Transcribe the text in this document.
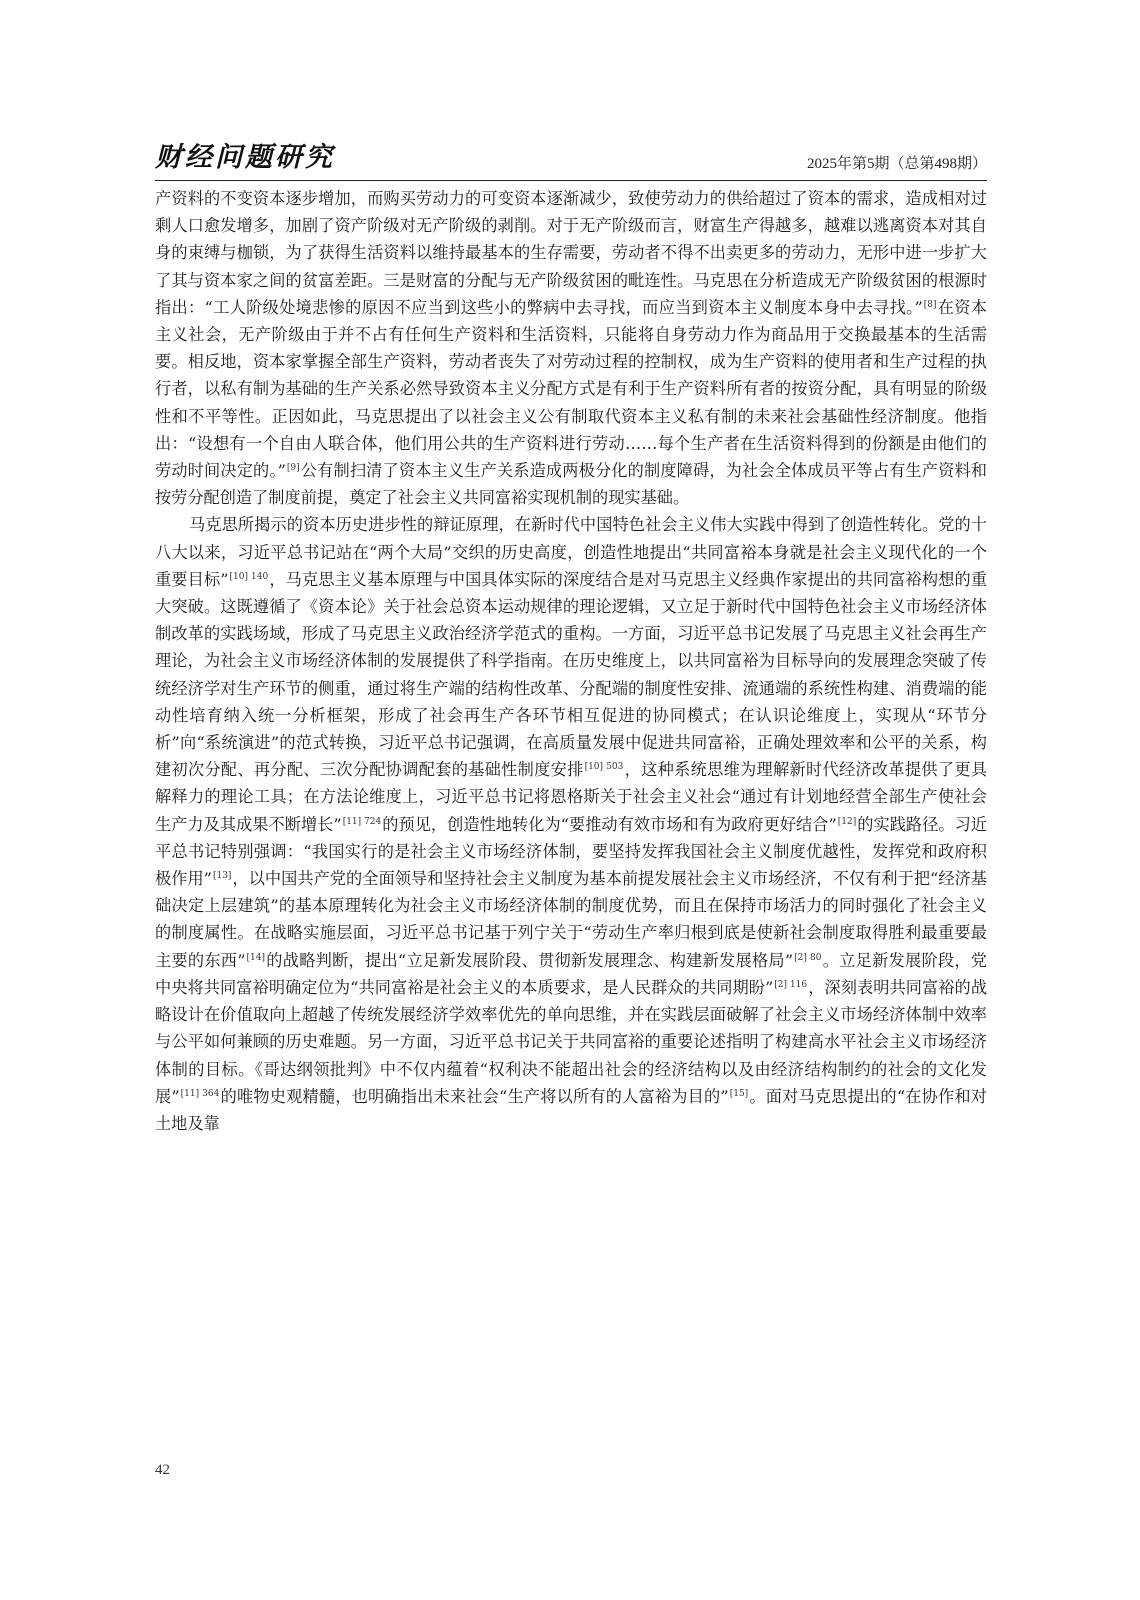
财经问题研究	2025年第5期（总第498期）

产资料的不变资本逐步增加，而购买劳动力的可变资本逐渐减少，致使劳动力的供给超过了资本的需求，造成相对过剩人口愈发增多，加剧了资产阶级对无产阶级的剥削。对于无产阶级而言，财富生产得越多，越难以逃离资本对其自身的束缚与枷锁，为了获得生活资料以维持最基本的生存需要，劳动者不得不出卖更多的劳动力，无形中进一步扩大了其与资本家之间的贫富差距。三是财富的分配与无产阶级贫困的毗连性。马克思在分析造成无产阶级贫困的根源时指出：“工人阶级处境悲惨的原因不应当到这些小的弊病中去寻找，而应当到资本主义制度本身中去寻找。”[8]在资本主义社会，无产阶级由于并不占有任何生产资料和生活资料，只能将自身劳动力作为商品用于交换最基本的生活需要。相反地，资本家掌握全部生产资料，劳动者丧失了对劳动过程的控制权，成为生产资料的使用者和生产过程的执行者，以私有制为基础的生产关系必然导致资本主义分配方式是有利于生产资料所有者的按资分配，具有明显的阶级性和不平等性。正因如此，马克思提出了以社会主义公有制取代资本主义私有制的未来社会基础性经济制度。他指出：“设想有一个自由人联合体，他们用公共的生产资料进行劳动……每个生产者在生活资料得到的份额是由他们的劳动时间决定的。”[9]公有制扫清了资本主义生产关系造成两极分化的制度障碍，为社会全体成员平等占有生产资料和按劳分配创造了制度前提，奠定了社会主义共同富裕实现机制的现实基础。

马克思所揭示的资本历史进步性的辩证原理，在新时代中国特色社会主义伟大实践中得到了创造性转化。党的十八大以来，习近平总书记站在“两个大局”交织的历史高度，创造性地提出“共同富裕本身就是社会主义现代化的一个重要目标”$^{[10] 140}$，马克思主义基本原理与中国具体实际的深度结合是对马克思主义经典作家提出的共同富裕构想的重大突破。这既遵循了《资本论》关于社会总资本运动规律的理论逻辑，又立足于新时代中国特色社会主义市场经济体制改革的实践场域，形成了马克思主义政治经济学范式的重构。一方面，习近平总书记发展了马克思主义社会再生产理论，为社会主义市场经济体制的发展提供了科学指南。在历史维度上，以共同富裕为目标导向的发展理念突破了传统经济学对生产环节的侧重，通过将生产端的结构性改革、分配端的制度性安排、流通端的系统性构建、消费端的能动性培育纳入统一分析框架，形成了社会再生产各环节相互促进的协同模式；在认识论维度上，实现从“环节分析”向“系统演进”的范式转换，习近平总书记强调，在高质量发展中促进共同富裕，正确处理效率和公平的关系，构建初次分配、再分配、三次分配协调配套的基础性制度安排$^{[10] 503}$，这种系统思维为理解新时代经济改革提供了更具解释力的理论工具；在方法论维度上，习近平总书记将恩格斯关于社会主义社会“通过有计划地经营全部生产使社会生产力及其成果不断增长”$^{[11] 724}$的预见，创造性地转化为“要推动有效市场和有为政府更好结合”[12]的实践路径。习近平总书记特别强调：“我国实行的是社会主义市场经济体制，要坚持发挥我国社会主义制度优越性，发挥党和政府积极作用”[13]，以中国共产党的全面领导和坚持社会主义制度为基本前提发展社会主义市场经济，不仅有利于把“经济基础决定上层建筑”的基本原理转化为社会主义市场经济体制的制度优势，而且在保持市场活力的同时强化了社会主义的制度属性。在战略实施层面，习近平总书记基于列宁关于“劳动生产率归根到底是使新社会制度取得胜利最重要最主要的东西”[14]的战略判断，提出“立足新发展阶段、贯彻新发展理念、构建新发展格局”$^{[2] 80}$。立足新发展阶段，党中央将共同富裕明确定位为“共同富裕是社会主义的本质要求，是人民群众的共同期盼”$^{[2] 116}$，深刻表明共同富裕的战略设计在价值取向上超越了传统发展经济学效率优先的单向思维，并在实践层面破解了社会主义市场经济体制中效率与公平如何兼顾的历史难题。另一方面，习近平总书记关于共同富裕的重要论述指明了构建高水平社会主义市场经济体制的目标。《哥达纲领批判》中不仅内蕴着“权利决不能超出社会的经济结构以及由经济结构制约的社会的文化发展”$^{[11] 364}$的唯物史观精髓，也明确指出未来社会“生产将以所有的人富裕为目的”[15]。面对马克思提出的“在协作和对土地及靠

42
